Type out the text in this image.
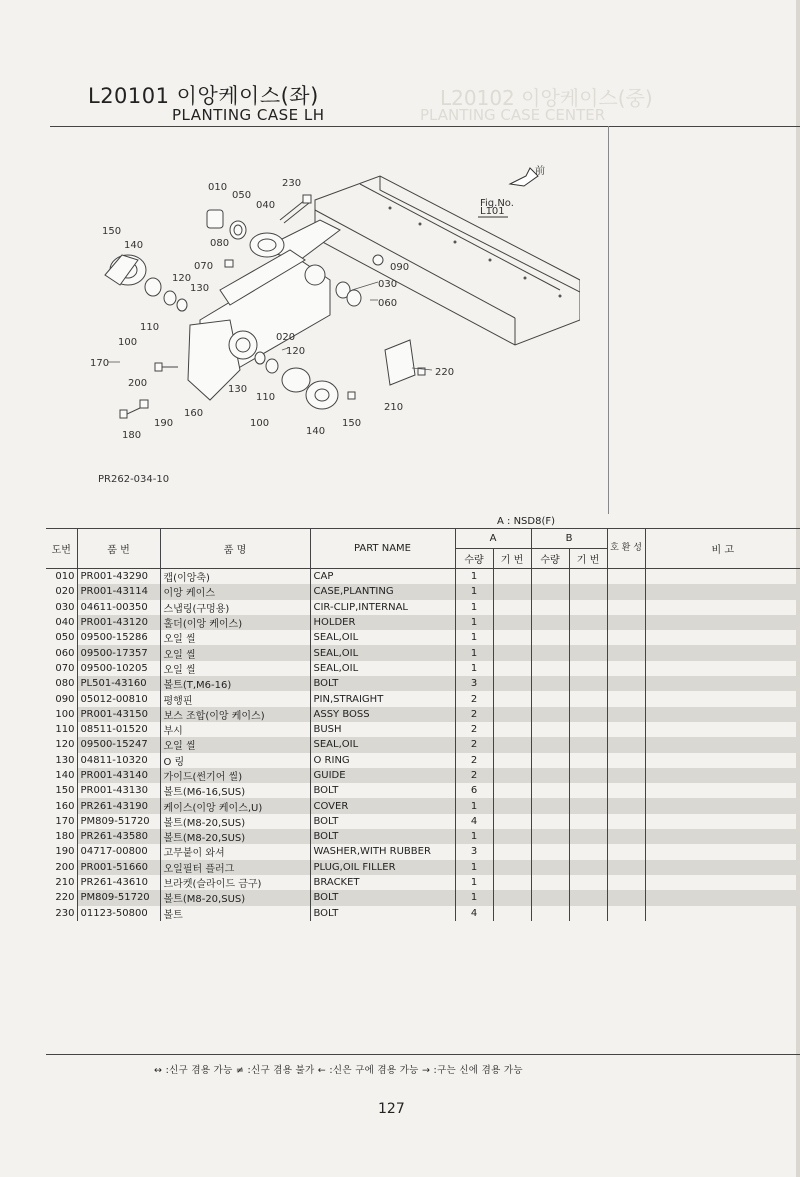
L20102 이앙케이스(중)
PLANTING CASE CENTER
L20101 이앙케이스(좌)
PLANTING CASE LH
前
Fig.No.
L101
010
050
230
040
150
140	080
070	090
120
130	030
060
110
100	020
120
170
220
200
130
110
160
210
190	100
140
150
180
PR262-034-10
A : NSD8(F)
도번	품 번	품 명	PART NAME	A		B		호 환 성	비 고
				수량	기 번	수량	기 번		
010	PR001-43290	캡(이앙축)	CAP	1					
020	PR001-43114	이앙 케이스	CASE,PLANTING	1					
030	04611-00350	스냅링(구멍용)	CIR-CLIP,INTERNAL	1					
040	PR001-43120	홀더(이앙 케이스)	HOLDER	1					
050	09500-15286	오일 씰	SEAL,OIL	1					
060	09500-17357	오일 씰	SEAL,OIL	1					
070	09500-10205	오일 씰	SEAL,OIL	1					
080	PL501-43160	볼트(T,M6-16)	BOLT	3					
090	05012-00810	평행핀	PIN,STRAIGHT	2					
100	PR001-43150	보스 조합(이앙 케이스)	ASSY BOSS	2					
110	08511-01520	부시	BUSH	2					
120	09500-15247	오일 씰	SEAL,OIL	2					
130	04811-10320	O 링	O RING	2					
140	PR001-43140	가이드(썬기어 씰)	GUIDE	2					
150	PR001-43130	볼트(M6-16,SUS)	BOLT	6					
160	PR261-43190	케이스(이앙 케이스,U)	COVER	1					
170	PM809-51720	볼트(M8-20,SUS)	BOLT	4					
180	PR261-43580	볼트(M8-20,SUS)	BOLT	1					
190	04717-00800	고무붙이 와셔	WASHER,WITH RUBBER	3					
200	PR001-51660	오일필터 플러그	PLUG,OIL FILLER	1					
210	PR261-43610	브라켓(슬라이드 금구)	BRACKET	1					
220	PM809-51720	볼트(M8-20,SUS)	BOLT	1					
230	01123-50800	볼트	BOLT	4					
↔ :신구 겸용 가능 ≠ :신구 겸용 불가 ← :신은 구에 겸용 가능 → :구는 신에 겸용 가능
127
